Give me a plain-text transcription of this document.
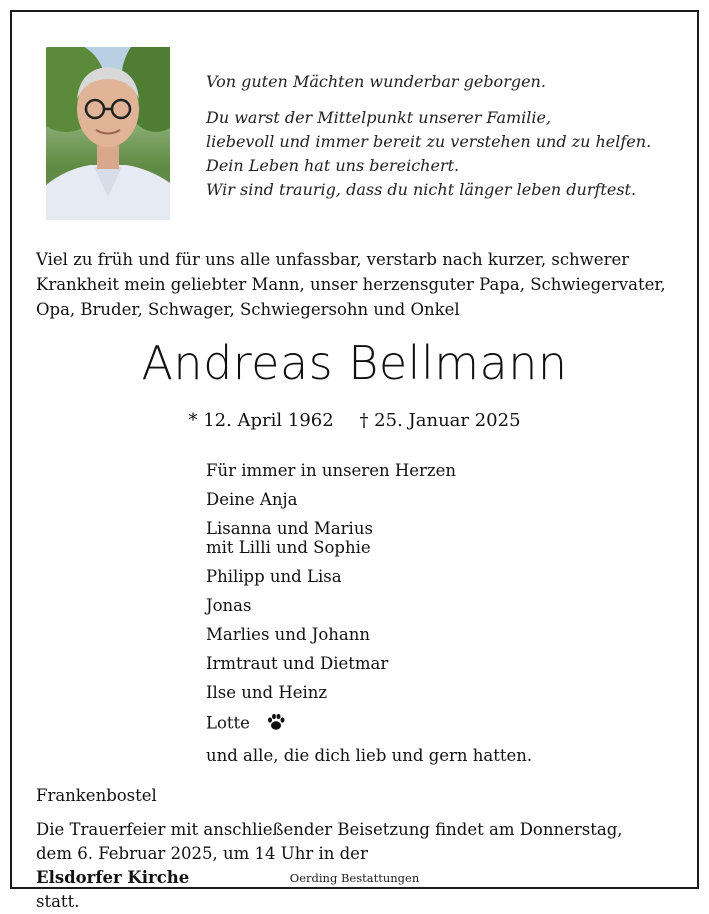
Von guten Mächten wunderbar geborgen.
Du warst der Mittelpunkt unserer Familie,
liebevoll und immer bereit zu verstehen und zu helfen.
Dein Leben hat uns bereichert.
Wir sind traurig, dass du nicht länger leben durftest.
Viel zu früh und für uns alle unfassbar, verstarb nach kurzer, schwerer
Krankheit mein geliebter Mann, unser herzensguter Papa, Schwiegervater,
Opa, Bruder, Schwager, Schwiegersohn und Onkel
Andreas Bellmann
* 12. April 1962 † 25. Januar 2025
Für immer in unseren Herzen
Deine Anja
Lisanna und Marius
mit Lilli und Sophie
Philipp und Lisa
Jonas
Marlies und Johann
Irmtraut und Dietmar
Ilse und Heinz
Lotte
und alle, die dich lieb und gern hatten.
Frankenbostel
Die Trauerfeier mit anschließender Beisetzung findet am Donnerstag,
dem 6. Februar 2025, um 14 Uhr in der
Elsdorfer Kirche
statt.
Oerding Bestattungen
